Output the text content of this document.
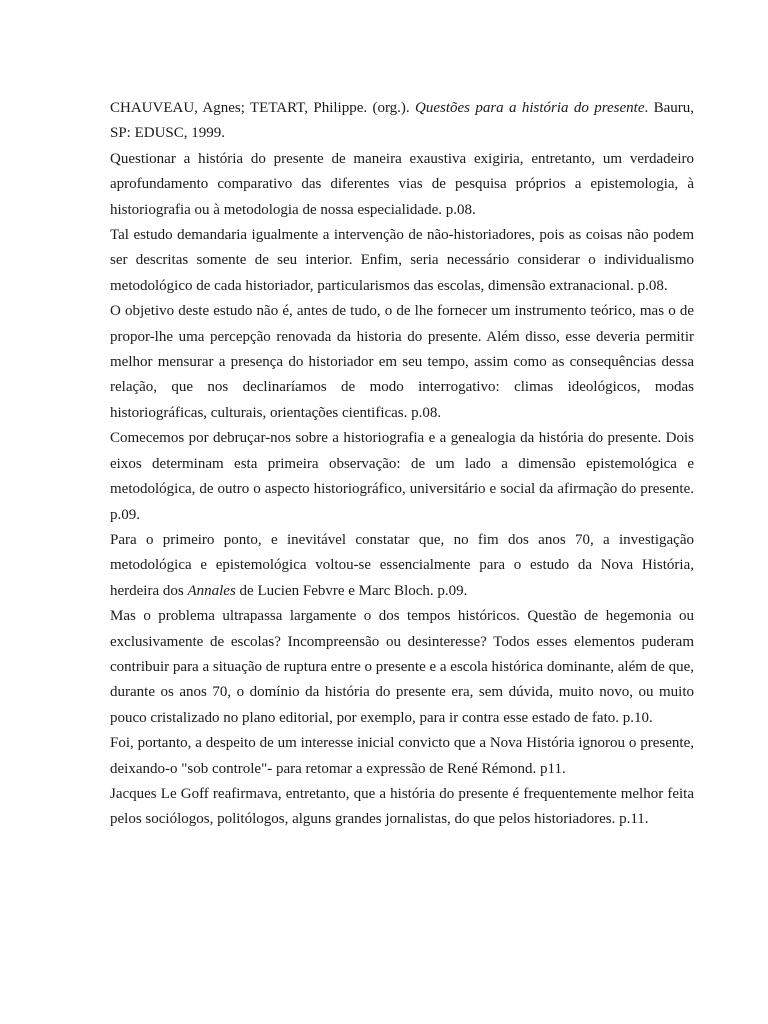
CHAUVEAU, Agnes; TETART, Philippe. (org.). Questões para a história do presente. Bauru, SP: EDUSC, 1999.

Questionar a história do presente de maneira exaustiva exigiria, entretanto, um verdadeiro aprofundamento comparativo das diferentes vias de pesquisa próprios a epistemologia, à historiografia ou à metodologia de nossa especialidade. p.08.

Tal estudo demandaria igualmente a intervenção de não-historiadores, pois as coisas não podem ser descritas somente de seu interior. Enfim, seria necessário considerar o individualismo metodológico de cada historiador, particularismos das escolas, dimensão extranacional. p.08.

O objetivo deste estudo não é, antes de tudo, o de lhe fornecer um instrumento teórico, mas o de propor-lhe uma percepção renovada da historia do presente. Além disso, esse deveria permitir melhor mensurar a presença do historiador em seu tempo, assim como as consequências dessa relação, que nos declinaríamos de modo interrogativo: climas ideológicos, modas historiográficas, culturais, orientações cientificas. p.08.

Comecemos por debruçar-nos sobre a historiografia e a genealogia da história do presente. Dois eixos determinam esta primeira observação: de um lado a dimensão epistemológica e metodológica, de outro o aspecto historiográfico, universitário e social da afirmação do presente. p.09.

Para o primeiro ponto, e inevitável constatar que, no fim dos anos 70, a investigação metodológica e epistemológica voltou-se essencialmente para o estudo da Nova História, herdeira dos Annales de Lucien Febvre e Marc Bloch. p.09.

Mas o problema ultrapassa largamente o dos tempos históricos. Questão de hegemonia ou exclusivamente de escolas? Incompreensão ou desinteresse? Todos esses elementos puderam contribuir para a situação de ruptura entre o presente e a escola histórica dominante, além de que, durante os anos 70, o domínio da história do presente era, sem dúvida, muito novo, ou muito pouco cristalizado no plano editorial, por exemplo, para ir contra esse estado de fato. p.10.

Foi, portanto, a despeito de um interesse inicial convicto que a Nova História ignorou o presente, deixando-o "sob controle"- para retomar a expressão de René Rémond. p11.

Jacques Le Goff reafirmava, entretanto, que a história do presente é frequentemente melhor feita pelos sociólogos, politólogos, alguns grandes jornalistas, do que pelos historiadores. p.11.
